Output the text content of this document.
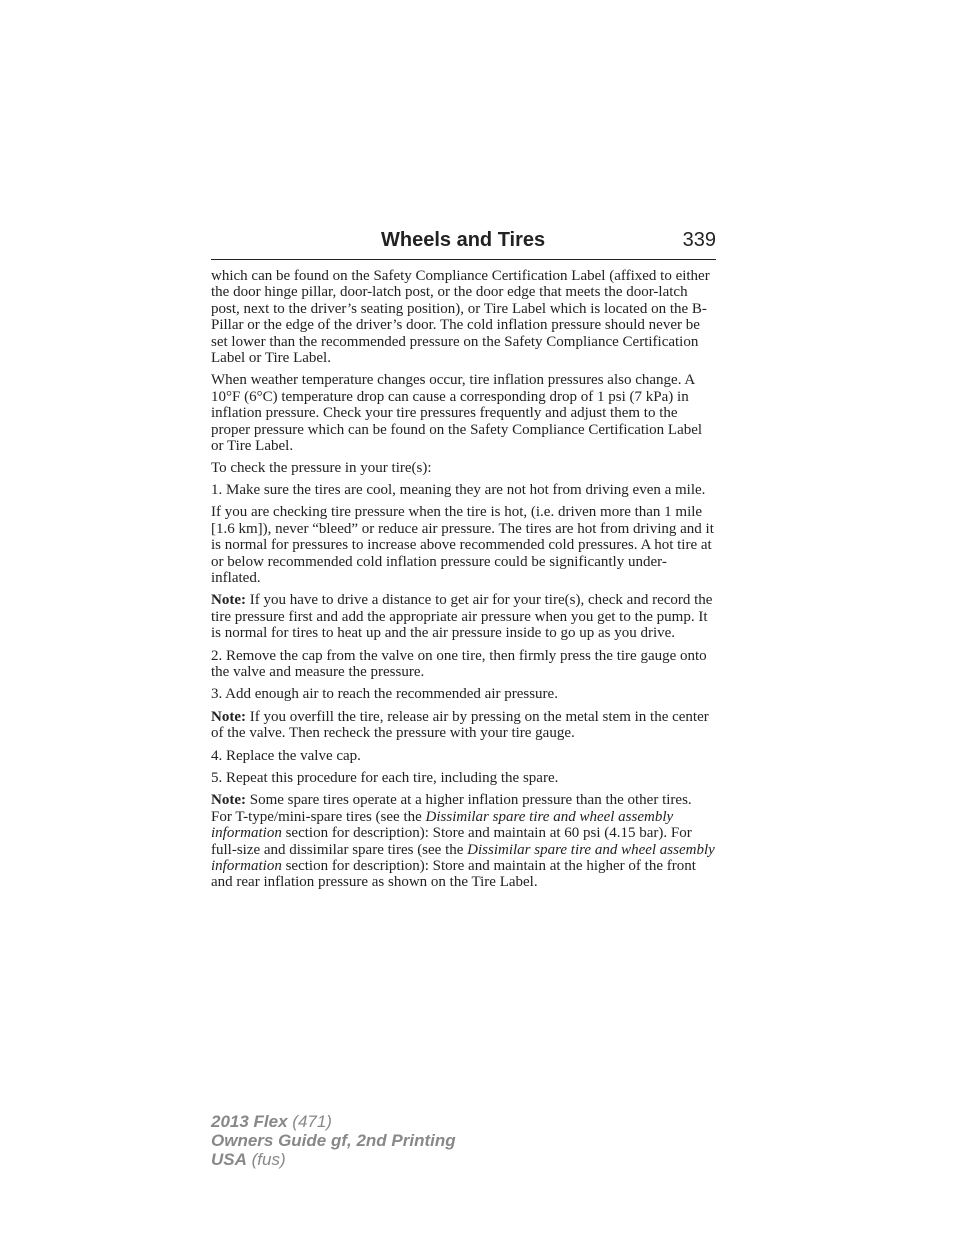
Wheels and Tires	339

which can be found on the Safety Compliance Certification Label (affixed to either the door hinge pillar, door-latch post, or the door edge that meets the door-latch post, next to the driver’s seating position), or Tire Label which is located on the B-Pillar or the edge of the driver’s door. The cold inflation pressure should never be set lower than the recommended pressure on the Safety Compliance Certification Label or Tire Label.

When weather temperature changes occur, tire inflation pressures also change. A 10°F (6°C) temperature drop can cause a corresponding drop of 1 psi (7 kPa) in inflation pressure. Check your tire pressures frequently and adjust them to the proper pressure which can be found on the Safety Compliance Certification Label or Tire Label.

To check the pressure in your tire(s):

1. Make sure the tires are cool, meaning they are not hot from driving even a mile.

If you are checking tire pressure when the tire is hot, (i.e. driven more than 1 mile [1.6 km]), never “bleed” or reduce air pressure. The tires are hot from driving and it is normal for pressures to increase above recommended cold pressures. A hot tire at or below recommended cold inflation pressure could be significantly under-inflated.

Note: If you have to drive a distance to get air for your tire(s), check and record the tire pressure first and add the appropriate air pressure when you get to the pump. It is normal for tires to heat up and the air pressure inside to go up as you drive.

2. Remove the cap from the valve on one tire, then firmly press the tire gauge onto the valve and measure the pressure.

3. Add enough air to reach the recommended air pressure.

Note: If you overfill the tire, release air by pressing on the metal stem in the center of the valve. Then recheck the pressure with your tire gauge.

4. Replace the valve cap.

5. Repeat this procedure for each tire, including the spare.

Note: Some spare tires operate at a higher inflation pressure than the other tires. For T-type/mini-spare tires (see the Dissimilar spare tire and wheel assembly information section for description): Store and maintain at 60 psi (4.15 bar). For full-size and dissimilar spare tires (see the Dissimilar spare tire and wheel assembly information section for description): Store and maintain at the higher of the front and rear inflation pressure as shown on the Tire Label.

2013 Flex (471)
Owners Guide gf, 2nd Printing
USA (fus)
